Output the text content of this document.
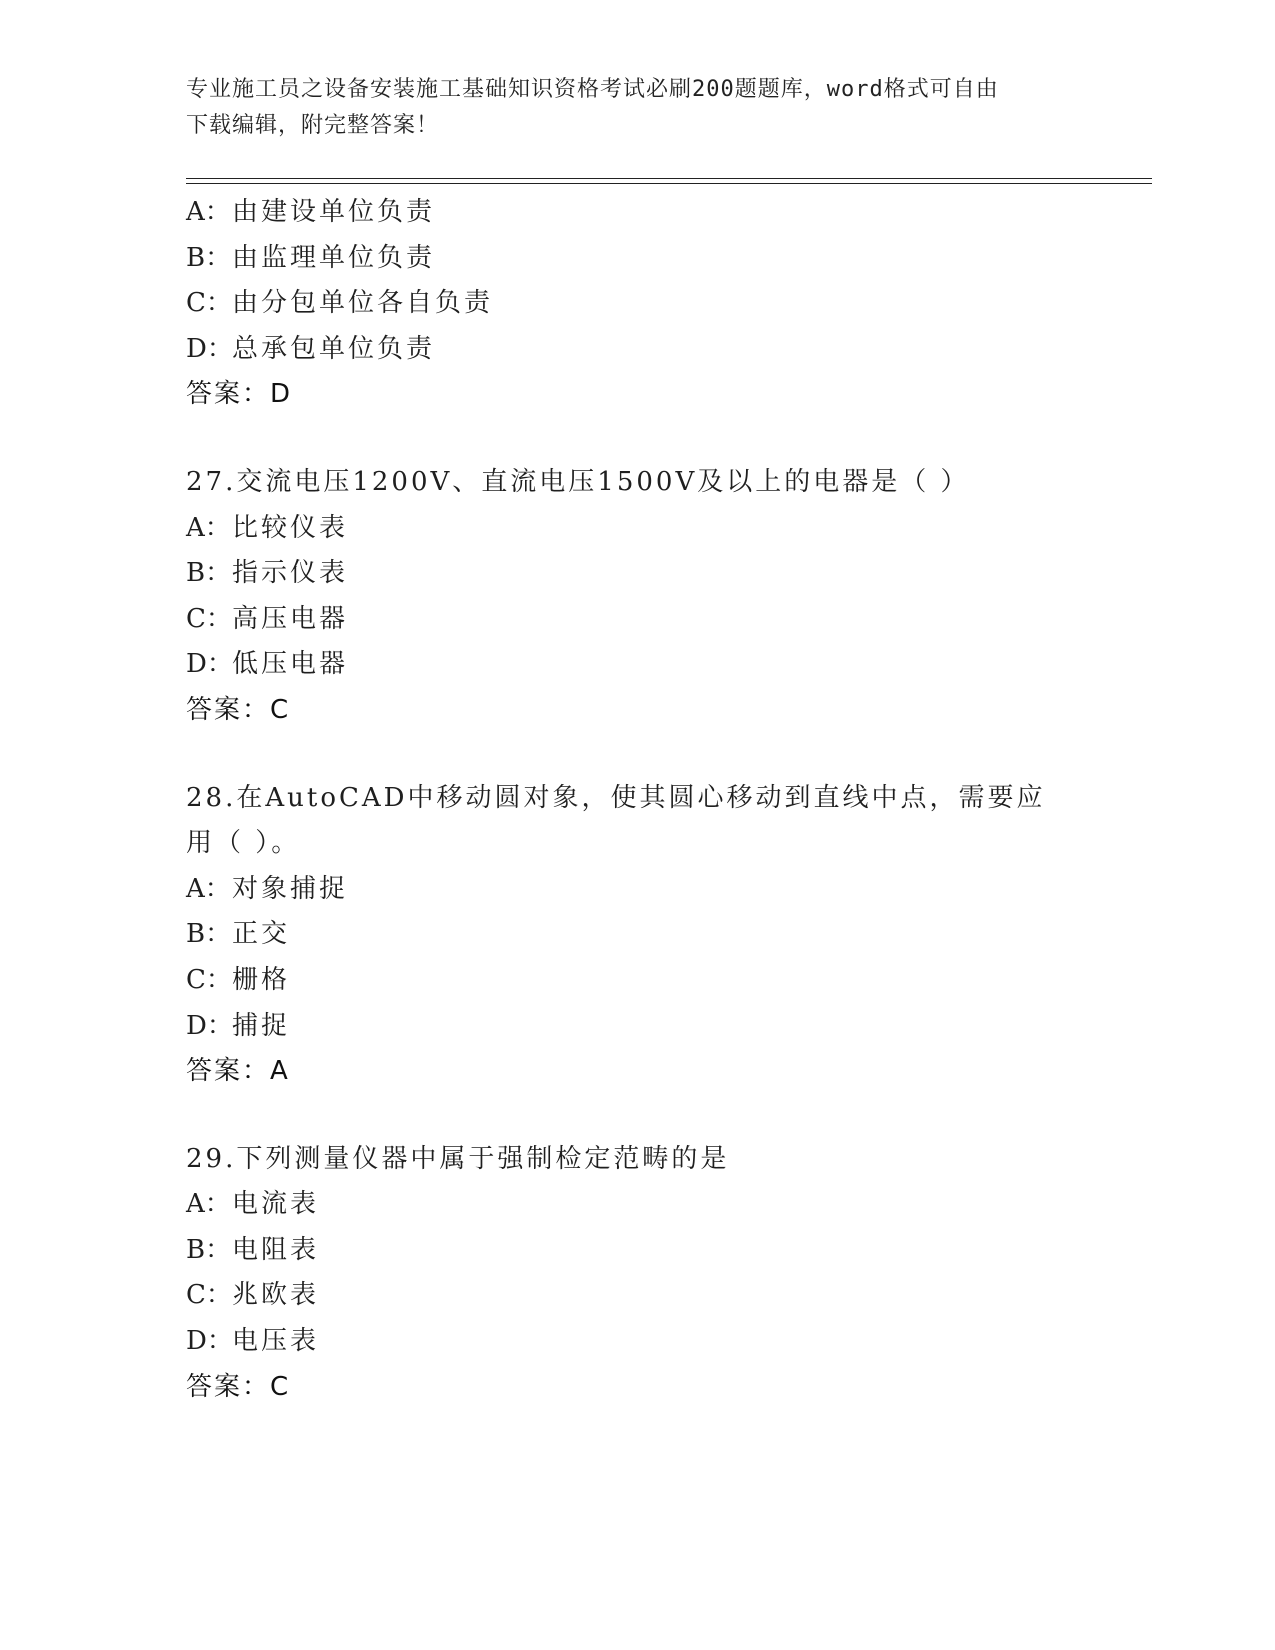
专业施工员之设备安装施工基础知识资格考试必刷200题题库，word格式可自由
下载编辑，附完整答案！
A：由建设单位负责
B：由监理单位负责
C：由分包单位各自负责
D：总承包单位负责
答案：D
27.交流电压1200V、直流电压1500V及以上的电器是（ ）
A：比较仪表
B：指示仪表
C：高压电器
D：低压电器
答案：C
28.在AutoCAD中移动圆对象，使其圆心移动到直线中点，需要应用（ ）。
A：对象捕捉
B：正交
C：栅格
D：捕捉
答案：A
29.下列测量仪器中属于强制检定范畴的是
A：电流表
B：电阻表
C：兆欧表
D：电压表
答案：C
